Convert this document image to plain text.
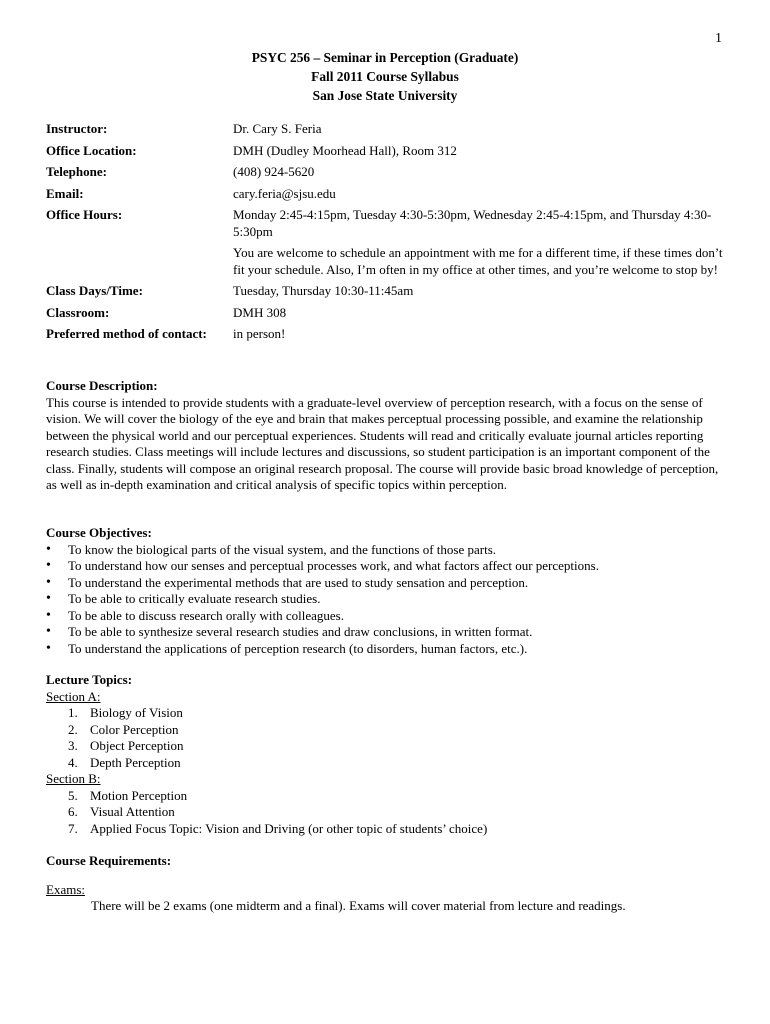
1
PSYC 256 – Seminar in Perception (Graduate)
Fall 2011 Course Syllabus
San Jose State University
Instructor:	Dr. Cary S. Feria
Office Location:	DMH (Dudley Moorhead Hall), Room 312
Telephone:	(408) 924-5620
Email:	cary.feria@sjsu.edu
Office Hours:	Monday 2:45-4:15pm, Tuesday 4:30-5:30pm, Wednesday 2:45-4:15pm, and Thursday 4:30-5:30pm
You are welcome to schedule an appointment with me for a different time, if these times don’t fit your schedule. Also, I’m often in my office at other times, and you’re welcome to stop by!
Class Days/Time:	Tuesday, Thursday 10:30-11:45am
Classroom:	DMH 308
Preferred method of contact:	in person!
Course Description:
This course is intended to provide students with a graduate-level overview of perception research, with a focus on the sense of vision. We will cover the biology of the eye and brain that makes perceptual processing possible, and examine the relationship between the physical world and our perceptual experiences. Students will read and critically evaluate journal articles reporting research studies. Class meetings will include lectures and discussions, so student participation is an important component of the class. Finally, students will compose an original research proposal. The course will provide basic broad knowledge of perception, as well as in-depth examination and critical analysis of specific topics within perception.
Course Objectives:
• To know the biological parts of the visual system, and the functions of those parts.
• To understand how our senses and perceptual processes work, and what factors affect our perceptions.
• To understand the experimental methods that are used to study sensation and perception.
• To be able to critically evaluate research studies.
• To be able to discuss research orally with colleagues.
• To be able to synthesize several research studies and draw conclusions, in written format.
• To understand the applications of perception research (to disorders, human factors, etc.).
Lecture Topics:
Section A:
1. Biology of Vision
2. Color Perception
3. Object Perception
4. Depth Perception
Section B:
5. Motion Perception
6. Visual Attention
7. Applied Focus Topic: Vision and Driving (or other topic of students’ choice)
Course Requirements:
Exams:
There will be 2 exams (one midterm and a final). Exams will cover material from lecture and readings.
